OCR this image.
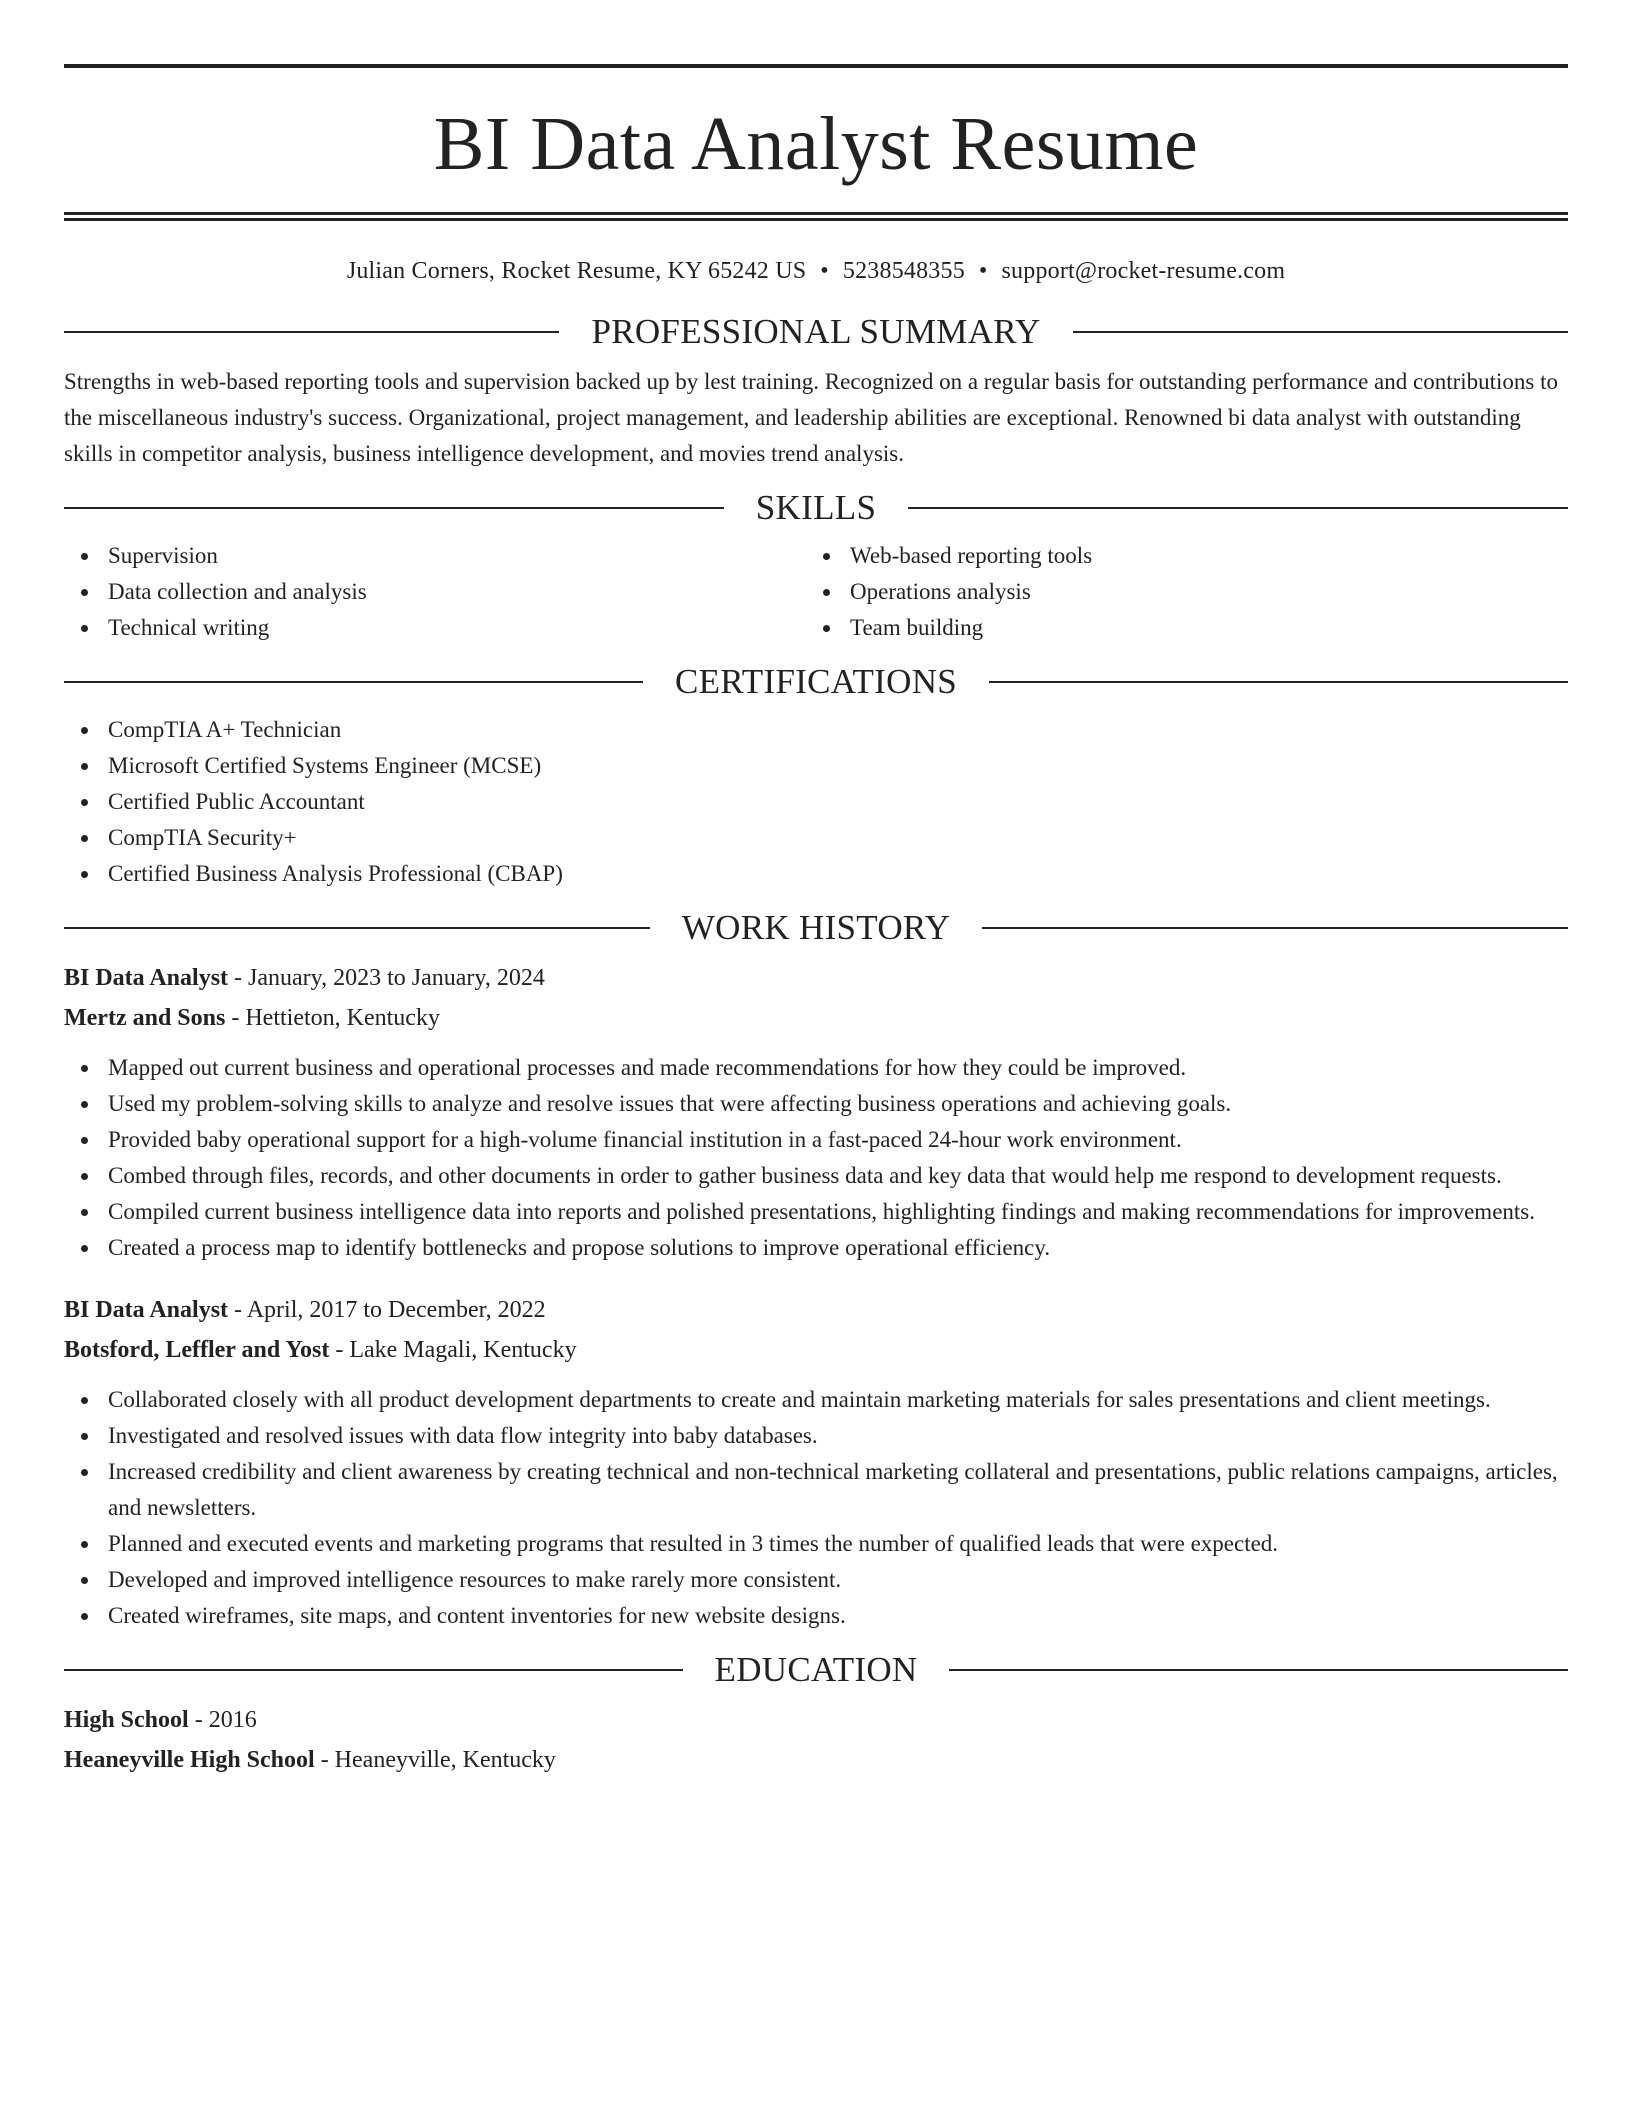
BI Data Analyst Resume
Julian Corners, Rocket Resume, KY 65242 US • 5238548355 • support@rocket-resume.com
PROFESSIONAL SUMMARY

Strengths in web-based reporting tools and supervision backed up by lest training. Recognized on a regular basis for outstanding performance and contributions to the miscellaneous industry's success. Organizational, project management, and leadership abilities are exceptional. Renowned bi data analyst with outstanding skills in competitor analysis, business intelligence development, and movies trend analysis.

SKILLS
Supervision
Data collection and analysis
Technical writing
Web-based reporting tools
Operations analysis
Team building
CERTIFICATIONS
CompTIA A+ Technician
Microsoft Certified Systems Engineer (MCSE)
Certified Public Accountant
CompTIA Security+
Certified Business Analysis Professional (CBAP)
WORK HISTORY
BI Data Analyst - January, 2023 to January, 2024
Mertz and Sons - Hettieton, Kentucky
Mapped out current business and operational processes and made recommendations for how they could be improved.
Used my problem-solving skills to analyze and resolve issues that were affecting business operations and achieving goals.
Provided baby operational support for a high-volume financial institution in a fast-paced 24-hour work environment.
Combed through files, records, and other documents in order to gather business data and key data that would help me respond to development requests.
Compiled current business intelligence data into reports and polished presentations, highlighting findings and making recommendations for improvements.
Created a process map to identify bottlenecks and propose solutions to improve operational efficiency.
BI Data Analyst - April, 2017 to December, 2022
Botsford, Leffler and Yost - Lake Magali, Kentucky
Collaborated closely with all product development departments to create and maintain marketing materials for sales presentations and client meetings.
Investigated and resolved issues with data flow integrity into baby databases.
Increased credibility and client awareness by creating technical and non-technical marketing collateral and presentations, public relations campaigns, articles, and newsletters.
Planned and executed events and marketing programs that resulted in 3 times the number of qualified leads that were expected.
Developed and improved intelligence resources to make rarely more consistent.
Created wireframes, site maps, and content inventories for new website designs.
EDUCATION
High School - 2016
Heaneyville High School - Heaneyville, Kentucky
